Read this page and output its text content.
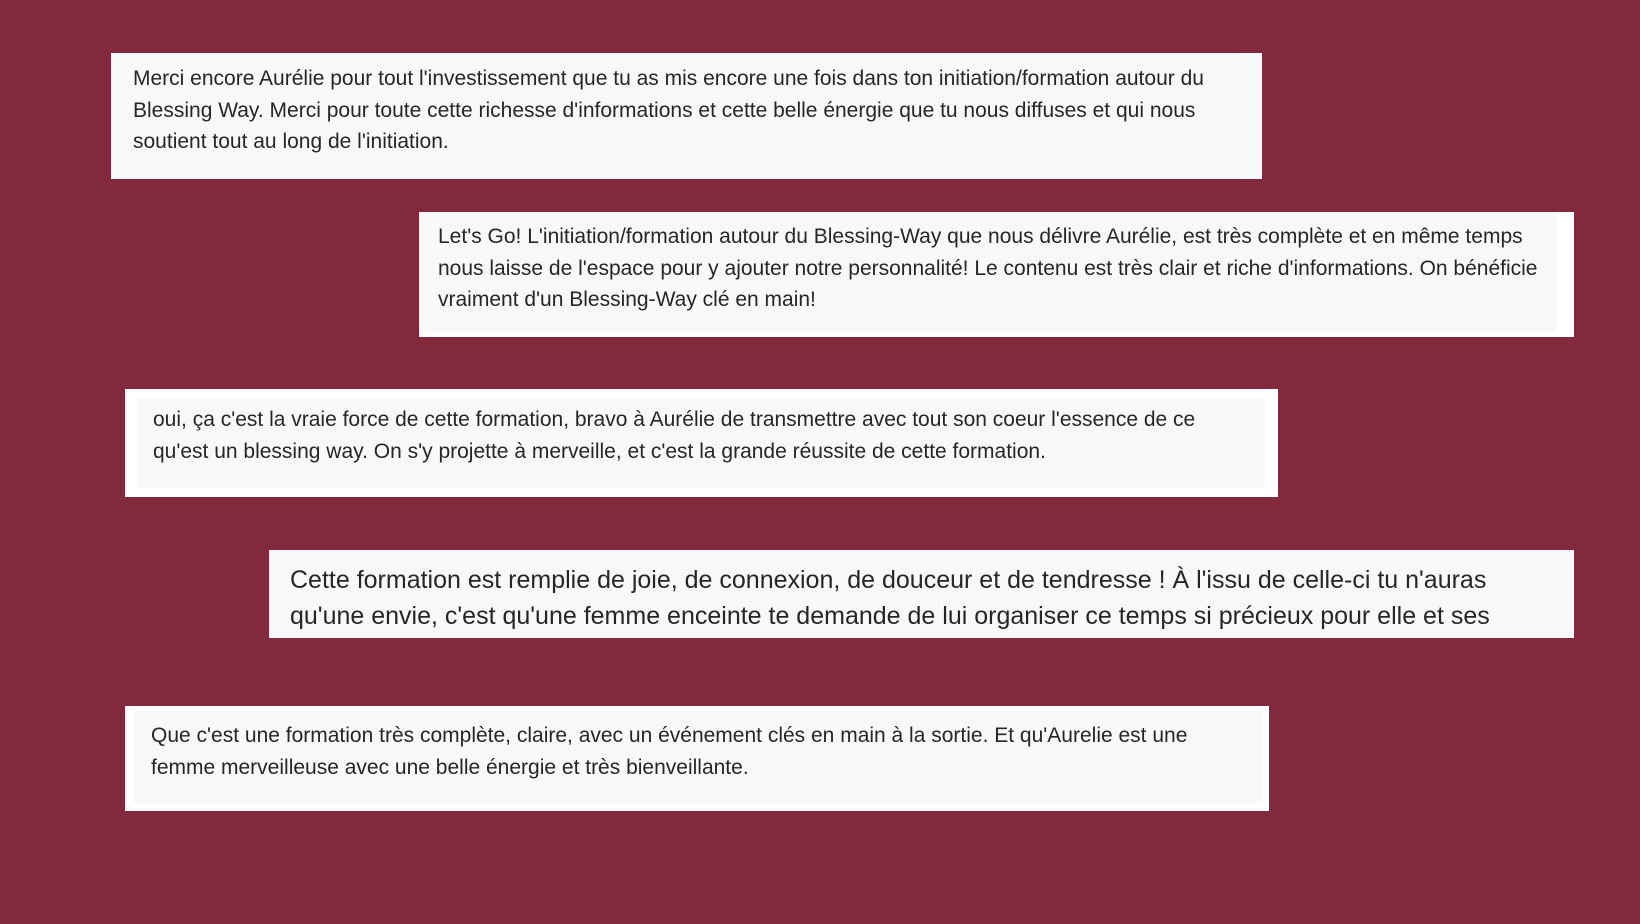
Merci encore Aurélie pour tout l'investissement que tu as mis encore une fois dans ton initiation/formation autour du Blessing Way. Merci pour toute cette richesse d'informations et cette belle énergie que tu nous diffuses et qui nous soutient tout au long de l'initiation.

Let's Go! L'initiation/formation autour du Blessing-Way que nous délivre Aurélie, est très complète et en même temps nous laisse de l'espace pour y ajouter notre personnalité! Le contenu est très clair et riche d'informations. On bénéficie vraiment d'un Blessing-Way clé en main!

oui, ça c'est la vraie force de cette formation, bravo à Aurélie de transmettre avec tout son coeur l'essence de ce qu'est un blessing way. On s'y projette à merveille, et c'est la grande réussite de cette formation.

Cette formation est remplie de joie, de connexion, de douceur et de tendresse ! À l'issu de celle-ci tu n'auras qu'une envie, c'est qu'une femme enceinte te demande de lui organiser ce temps si précieux pour elle et ses

Que c'est une formation très complète, claire, avec un événement clés en main à la sortie. Et qu'Aurelie est une femme merveilleuse avec une belle énergie et très bienveillante.
